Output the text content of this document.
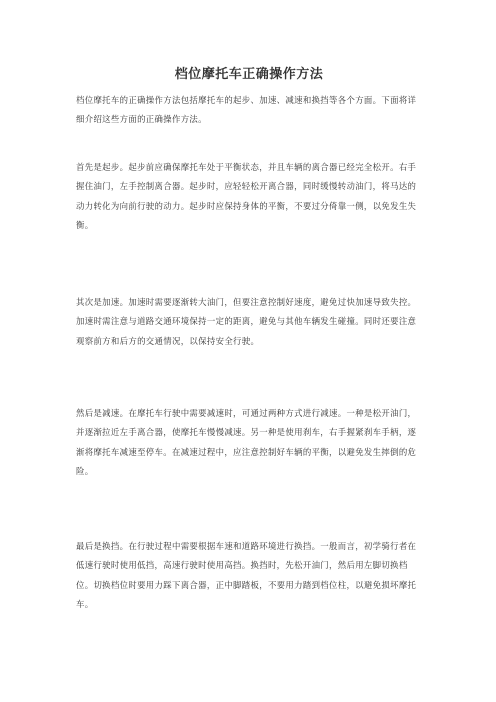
档位摩托车正确操作方法

档位摩托车的正确操作方法包括摩托车的起步、加速、减速和换挡等各个方面。下面将详细介绍这些方面的正确操作方法。

首先是起步。起步前应确保摩托车处于平衡状态，并且车辆的离合器已经完全松开。右手握住油门，左手控制离合器。起步时，应轻轻松开离合器，同时缓慢转动油门，将马达的动力转化为向前行驶的动力。起步时应保持身体的平衡，不要过分倚靠一侧，以免发生失衡。

其次是加速。加速时需要逐渐转大油门，但要注意控制好速度，避免过快加速导致失控。加速时需注意与道路交通环境保持一定的距离，避免与其他车辆发生碰撞。同时还要注意观察前方和后方的交通情况，以保持安全行驶。

然后是减速。在摩托车行驶中需要减速时，可通过两种方式进行减速。一种是松开油门，并逐渐拉近左手离合器，使摩托车慢慢减速。另一种是使用刹车，右手握紧刹车手柄，逐渐将摩托车减速至停车。在减速过程中，应注意控制好车辆的平衡，以避免发生摔倒的危险。

最后是换挡。在行驶过程中需要根据车速和道路环境进行换挡。一般而言，初学骑行者在低速行驶时使用低挡，高速行驶时使用高挡。换挡时，先松开油门，然后用左脚切换档位。切换档位时要用力踩下离合器，正中脚踏板，不要用力踏到档位柱，以避免损坏摩托车。
